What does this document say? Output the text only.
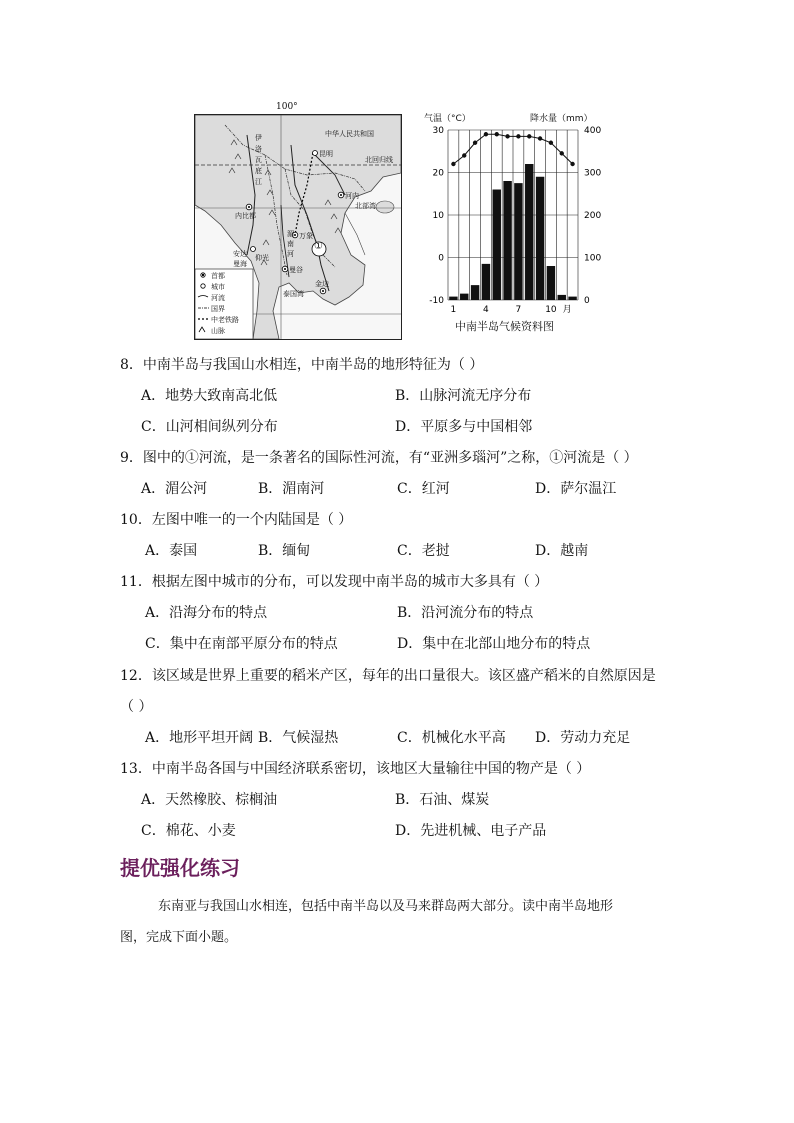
100°
中华人民共和国
昆明
北回归线
河内
北部湾
伊洛瓦底江
内比都
万象
湄南河
仰光
曼谷
安达曼海
泰国湾
金边
①
首都
城市
河流
国界
中老铁路
山脉
气温（°C）	降水量（mm）
30
20
10
0
-10
400
300
200
100
0
1	4	7	10 月
中南半岛气候资料图
8．中南半岛与我国山水相连，中南半岛的地形特征为（ ）
A．地势大致南高北低	B．山脉河流无序分布
C．山河相间纵列分布	D．平原多与中国相邻
9．图中的①河流，是一条著名的国际性河流，有“亚洲多瑙河”之称，①河流是（ ）
A．湄公河	B．湄南河	C．红河	D．萨尔温江
10．左图中唯一的一个内陆国是（ ）
A．泰国	B．缅甸	C．老挝	D．越南
11．根据左图中城市的分布，可以发现中南半岛的城市大多具有（ ）
A．沿海分布的特点	B．沿河流分布的特点
C．集中在南部平原分布的特点	D．集中在北部山地分布的特点
12．该区域是世界上重要的稻米产区，每年的出口量很大。该区盛产稻米的自然原因是
（ ）
A．地形平坦开阔 B．气候湿热	C．机械化水平高 D．劳动力充足
13．中南半岛各国与中国经济联系密切，该地区大量输往中国的物产是（ ）
A．天然橡胶、棕榈油	B．石油、煤炭
C．棉花、小麦	D．先进机械、电子产品
提优强化练习
东南亚与我国山水相连，包括中南半岛以及马来群岛两大部分。读中南半岛地形
图，完成下面小题。
